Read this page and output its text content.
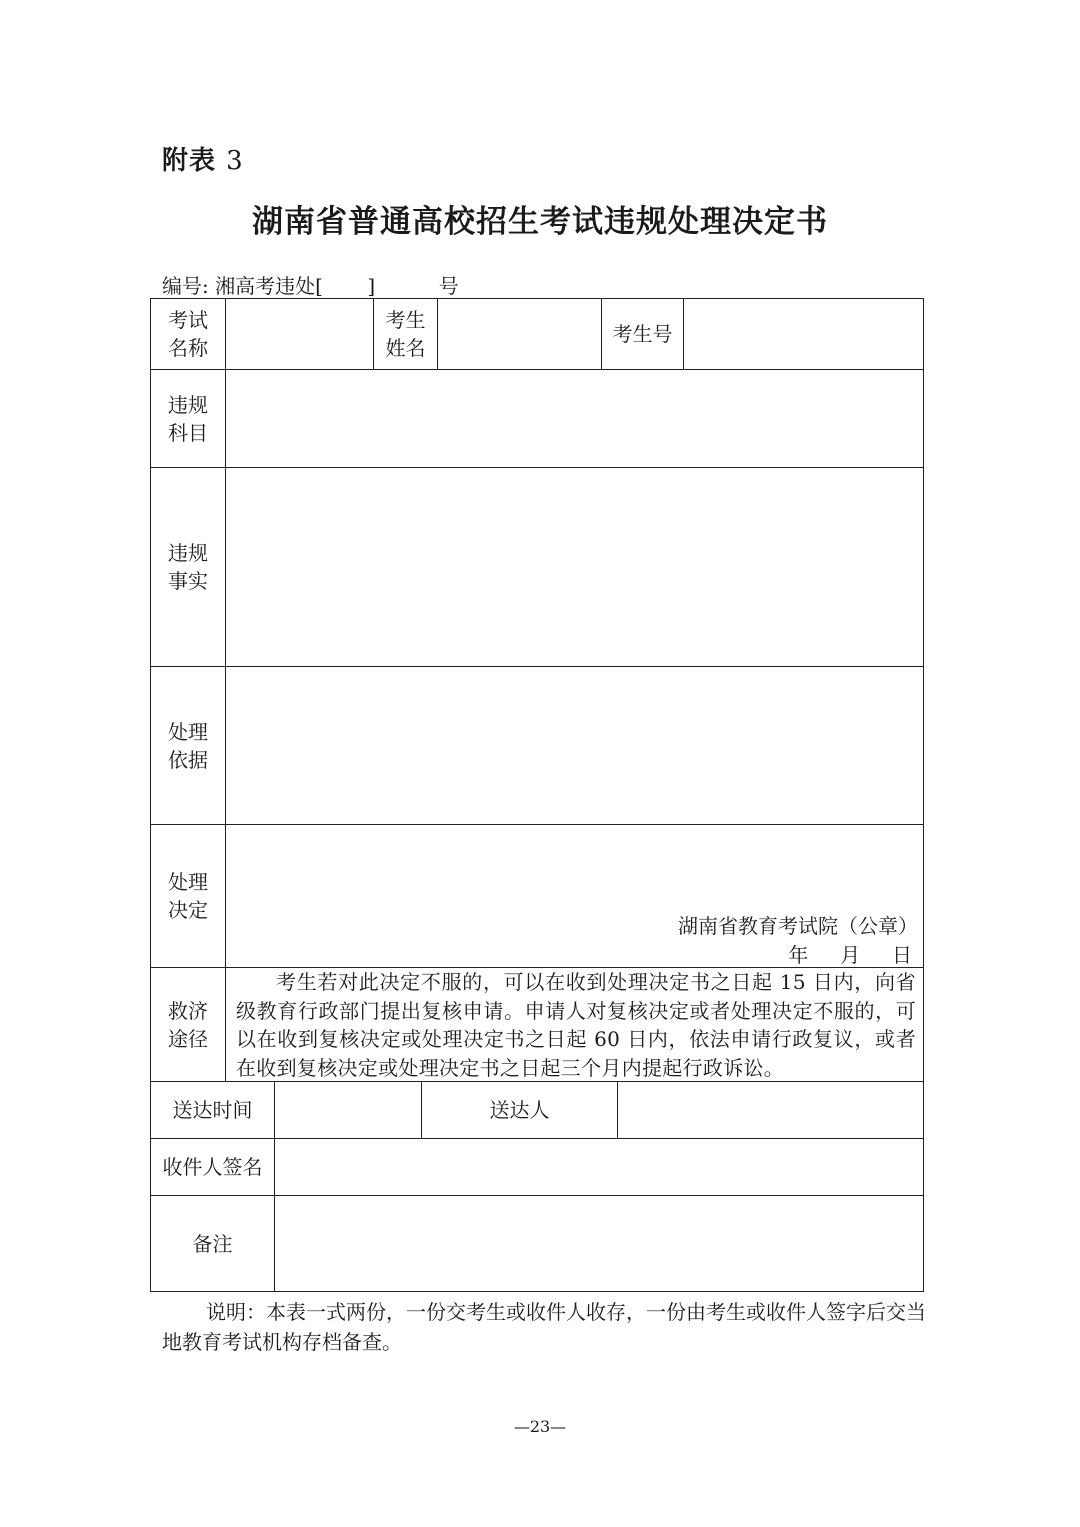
附表 3
湖南省普通高校招生考试违规处理决定书
编号: 湘高考违处[       ]          号
考试名称
考生姓名
考生号
违规科目
违规事实
处理依据
处理决定
救济途径
送达时间	送达人
收件人签名
备注
湖南省教育考试院（公章）
年     月     日
考生若对此决定不服的，可以在收到处理决定书之日起 15 日内，向省级教育行政部门提出复核申请。申请人对复核决定或者处理决定不服的，可以在收到复核决定或处理决定书之日起 60 日内，依法申请行政复议，或者在收到复核决定或处理决定书之日起三个月内提起行政诉讼。
说明：本表一式两份，一份交考生或收件人收存，一份由考生或收件人签字后交当
地教育考试机构存档备查。
—23—
